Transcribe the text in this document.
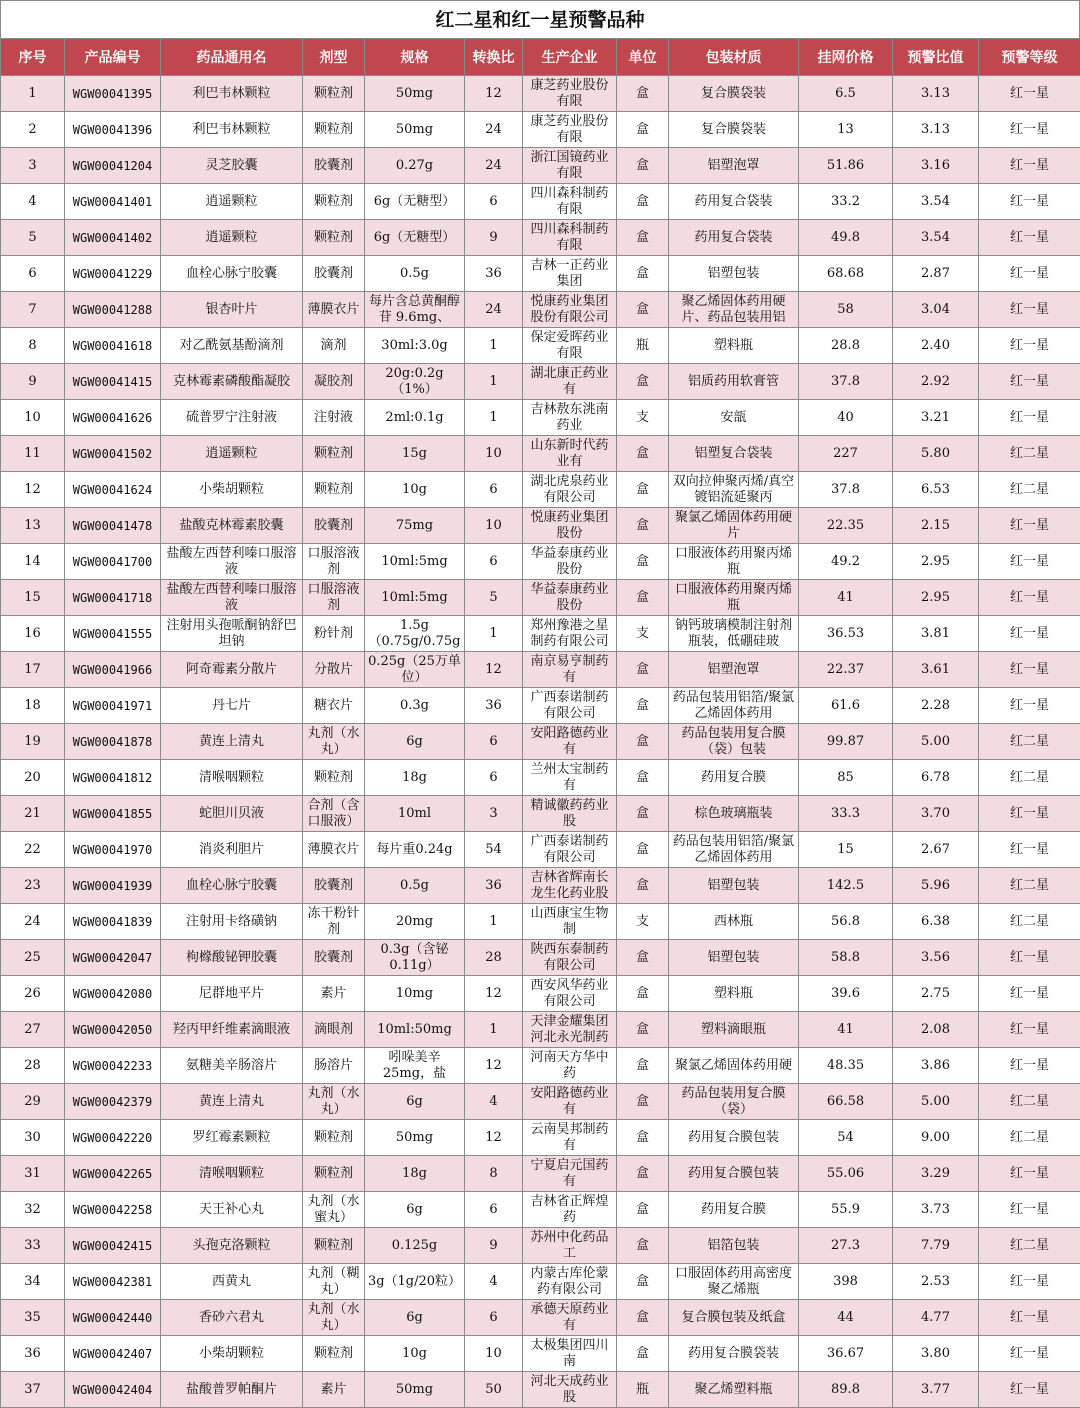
红二星和红一星预警品种
序号	产品编号	药品通用名	剂型	规格	转换比	生产企业	单位	包装材质	挂网价格	预警比值	预警等级
1	WGW00041395	利巴韦林颗粒	颗粒剂	50mg	12	康芝药业股份有限	盒	复合膜袋装	6.5	3.13	红一星
2	WGW00041396	利巴韦林颗粒	颗粒剂	50mg	24	康芝药业股份有限	盒	复合膜袋装	13	3.13	红一星
3	WGW00041204	灵芝胶囊	胶囊剂	0.27g	24	浙江国镜药业有限	盒	铝塑泡罩	51.86	3.16	红一星
4	WGW00041401	逍遥颗粒	颗粒剂	6g（无糖型）	6	四川森科制药有限	盒	药用复合袋装	33.2	3.54	红一星
5	WGW00041402	逍遥颗粒	颗粒剂	6g（无糖型）	9	四川森科制药有限	盒	药用复合袋装	49.8	3.54	红一星
6	WGW00041229	血栓心脉宁胶囊	胶囊剂	0.5g	36	吉林一正药业集团	盒	铝塑包装	68.68	2.87	红一星
7	WGW00041288	银杏叶片	薄膜衣片	每片含总黄酮醇苷 9.6mg、	24	悦康药业集团股份有限公司	盒	聚乙烯固体药用硬片、药品包装用铝	58	3.04	红一星
8	WGW00041618	对乙酰氨基酚滴剂	滴剂	30ml:3.0g	1	保定爱晖药业有限	瓶	塑料瓶	28.8	2.40	红一星
9	WGW00041415	克林霉素磷酸酯凝胶	凝胶剂	20g:0.2g（1%）	1	湖北康正药业有	盒	铝质药用软膏管	37.8	2.92	红一星
10	WGW00041626	硫普罗宁注射液	注射液	2ml:0.1g	1	吉林敖东洮南药业	支	安瓿	40	3.21	红一星
11	WGW00041502	逍遥颗粒	颗粒剂	15g	10	山东新时代药业有	盒	铝塑复合袋装	227	5.80	红二星
12	WGW00041624	小柴胡颗粒	颗粒剂	10g	6	湖北虎泉药业有限公司	盒	双向拉伸聚丙烯/真空镀铝流延聚丙	37.8	6.53	红二星
13	WGW00041478	盐酸克林霉素胶囊	胶囊剂	75mg	10	悦康药业集团股份	盒	聚氯乙烯固体药用硬片	22.35	2.15	红一星
14	WGW00041700	盐酸左西替利嗪口服溶液	口服溶液剂	10ml:5mg	6	华益泰康药业股份	盒	口服液体药用聚丙烯瓶	49.2	2.95	红一星
15	WGW00041718	盐酸左西替利嗪口服溶液	口服溶液剂	10ml:5mg	5	华益泰康药业股份	盒	口服液体药用聚丙烯瓶	41	2.95	红一星
16	WGW00041555	注射用头孢哌酮钠舒巴坦钠	粉针剂	1.5g（0.75g/0.75g	1	郑州豫港之星制药有限公司	支	钠钙玻璃模制注射剂瓶装，低硼硅玻	36.53	3.81	红一星
17	WGW00041966	阿奇霉素分散片	分散片	0.25g（25万单位）	12	南京易亨制药有	盒	铝塑泡罩	22.37	3.61	红一星
18	WGW00041971	丹七片	糖衣片	0.3g	36	广西泰诺制药有限公司	盒	药品包装用铝箔/聚氯乙烯固体药用	61.6	2.28	红一星
19	WGW00041878	黄连上清丸	丸剂（水丸）	6g	6	安阳路德药业有	盒	药品包装用复合膜（袋）包装	99.87	5.00	红二星
20	WGW00041812	清喉咽颗粒	颗粒剂	18g	6	兰州太宝制药有	盒	药用复合膜	85	6.78	红二星
21	WGW00041855	蛇胆川贝液	合剂（含口服液）	10ml	3	精诚徽药药业股	盒	棕色玻璃瓶装	33.3	3.70	红一星
22	WGW00041970	消炎利胆片	薄膜衣片	每片重0.24g	54	广西泰诺制药有限公司	盒	药品包装用铝箔/聚氯乙烯固体药用	15	2.67	红一星
23	WGW00041939	血栓心脉宁胶囊	胶囊剂	0.5g	36	吉林省辉南长龙生化药业股	盒	铝塑包装	142.5	5.96	红二星
24	WGW00041839	注射用卡络磺钠	冻干粉针剂	20mg	1	山西康宝生物制	支	西林瓶	56.8	6.38	红二星
25	WGW00042047	枸橼酸铋钾胶囊	胶囊剂	0.3g（含铋0.11g）	28	陕西东泰制药有限公司	盒	铝塑包装	58.8	3.56	红一星
26	WGW00042080	尼群地平片	素片	10mg	12	西安风华药业有限公司	盒	塑料瓶	39.6	2.75	红一星
27	WGW00042050	羟丙甲纤维素滴眼液	滴眼剂	10ml:50mg	1	天津金耀集团河北永光制药	盒	塑料滴眼瓶	41	2.08	红一星
28	WGW00042233	氨糖美辛肠溶片	肠溶片	吲哚美辛25mg，盐	12	河南天方华中药	盒	聚氯乙烯固体药用硬	48.35	3.86	红一星
29	WGW00042379	黄连上清丸	丸剂（水丸）	6g	4	安阳路德药业有	盒	药品包装用复合膜（袋）	66.58	5.00	红二星
30	WGW00042220	罗红霉素颗粒	颗粒剂	50mg	12	云南昊邦制药有	盒	药用复合膜包装	54	9.00	红二星
31	WGW00042265	清喉咽颗粒	颗粒剂	18g	8	宁夏启元国药有	盒	药用复合膜包装	55.06	3.29	红一星
32	WGW00042258	天王补心丸	丸剂（水蜜丸）	6g	6	吉林省正辉煌药	盒	药用复合膜	55.9	3.73	红一星
33	WGW00042415	头孢克洛颗粒	颗粒剂	0.125g	9	苏州中化药品工	盒	铝箔包装	27.3	7.79	红二星
34	WGW00042381	西黄丸	丸剂（糊丸）	3g（1g/20粒）	4	内蒙古库伦蒙药有限公司	盒	口服固体药用高密度聚乙烯瓶	398	2.53	红一星
35	WGW00042440	香砂六君丸	丸剂（水丸）	6g	6	承德天原药业有	盒	复合膜包装及纸盒	44	4.77	红一星
36	WGW00042407	小柴胡颗粒	颗粒剂	10g	10	太极集团四川南	盒	药用复合膜袋装	36.67	3.80	红一星
37	WGW00042404	盐酸普罗帕酮片	素片	50mg	50	河北天成药业股	瓶	聚乙烯塑料瓶	89.8	3.77	红一星
